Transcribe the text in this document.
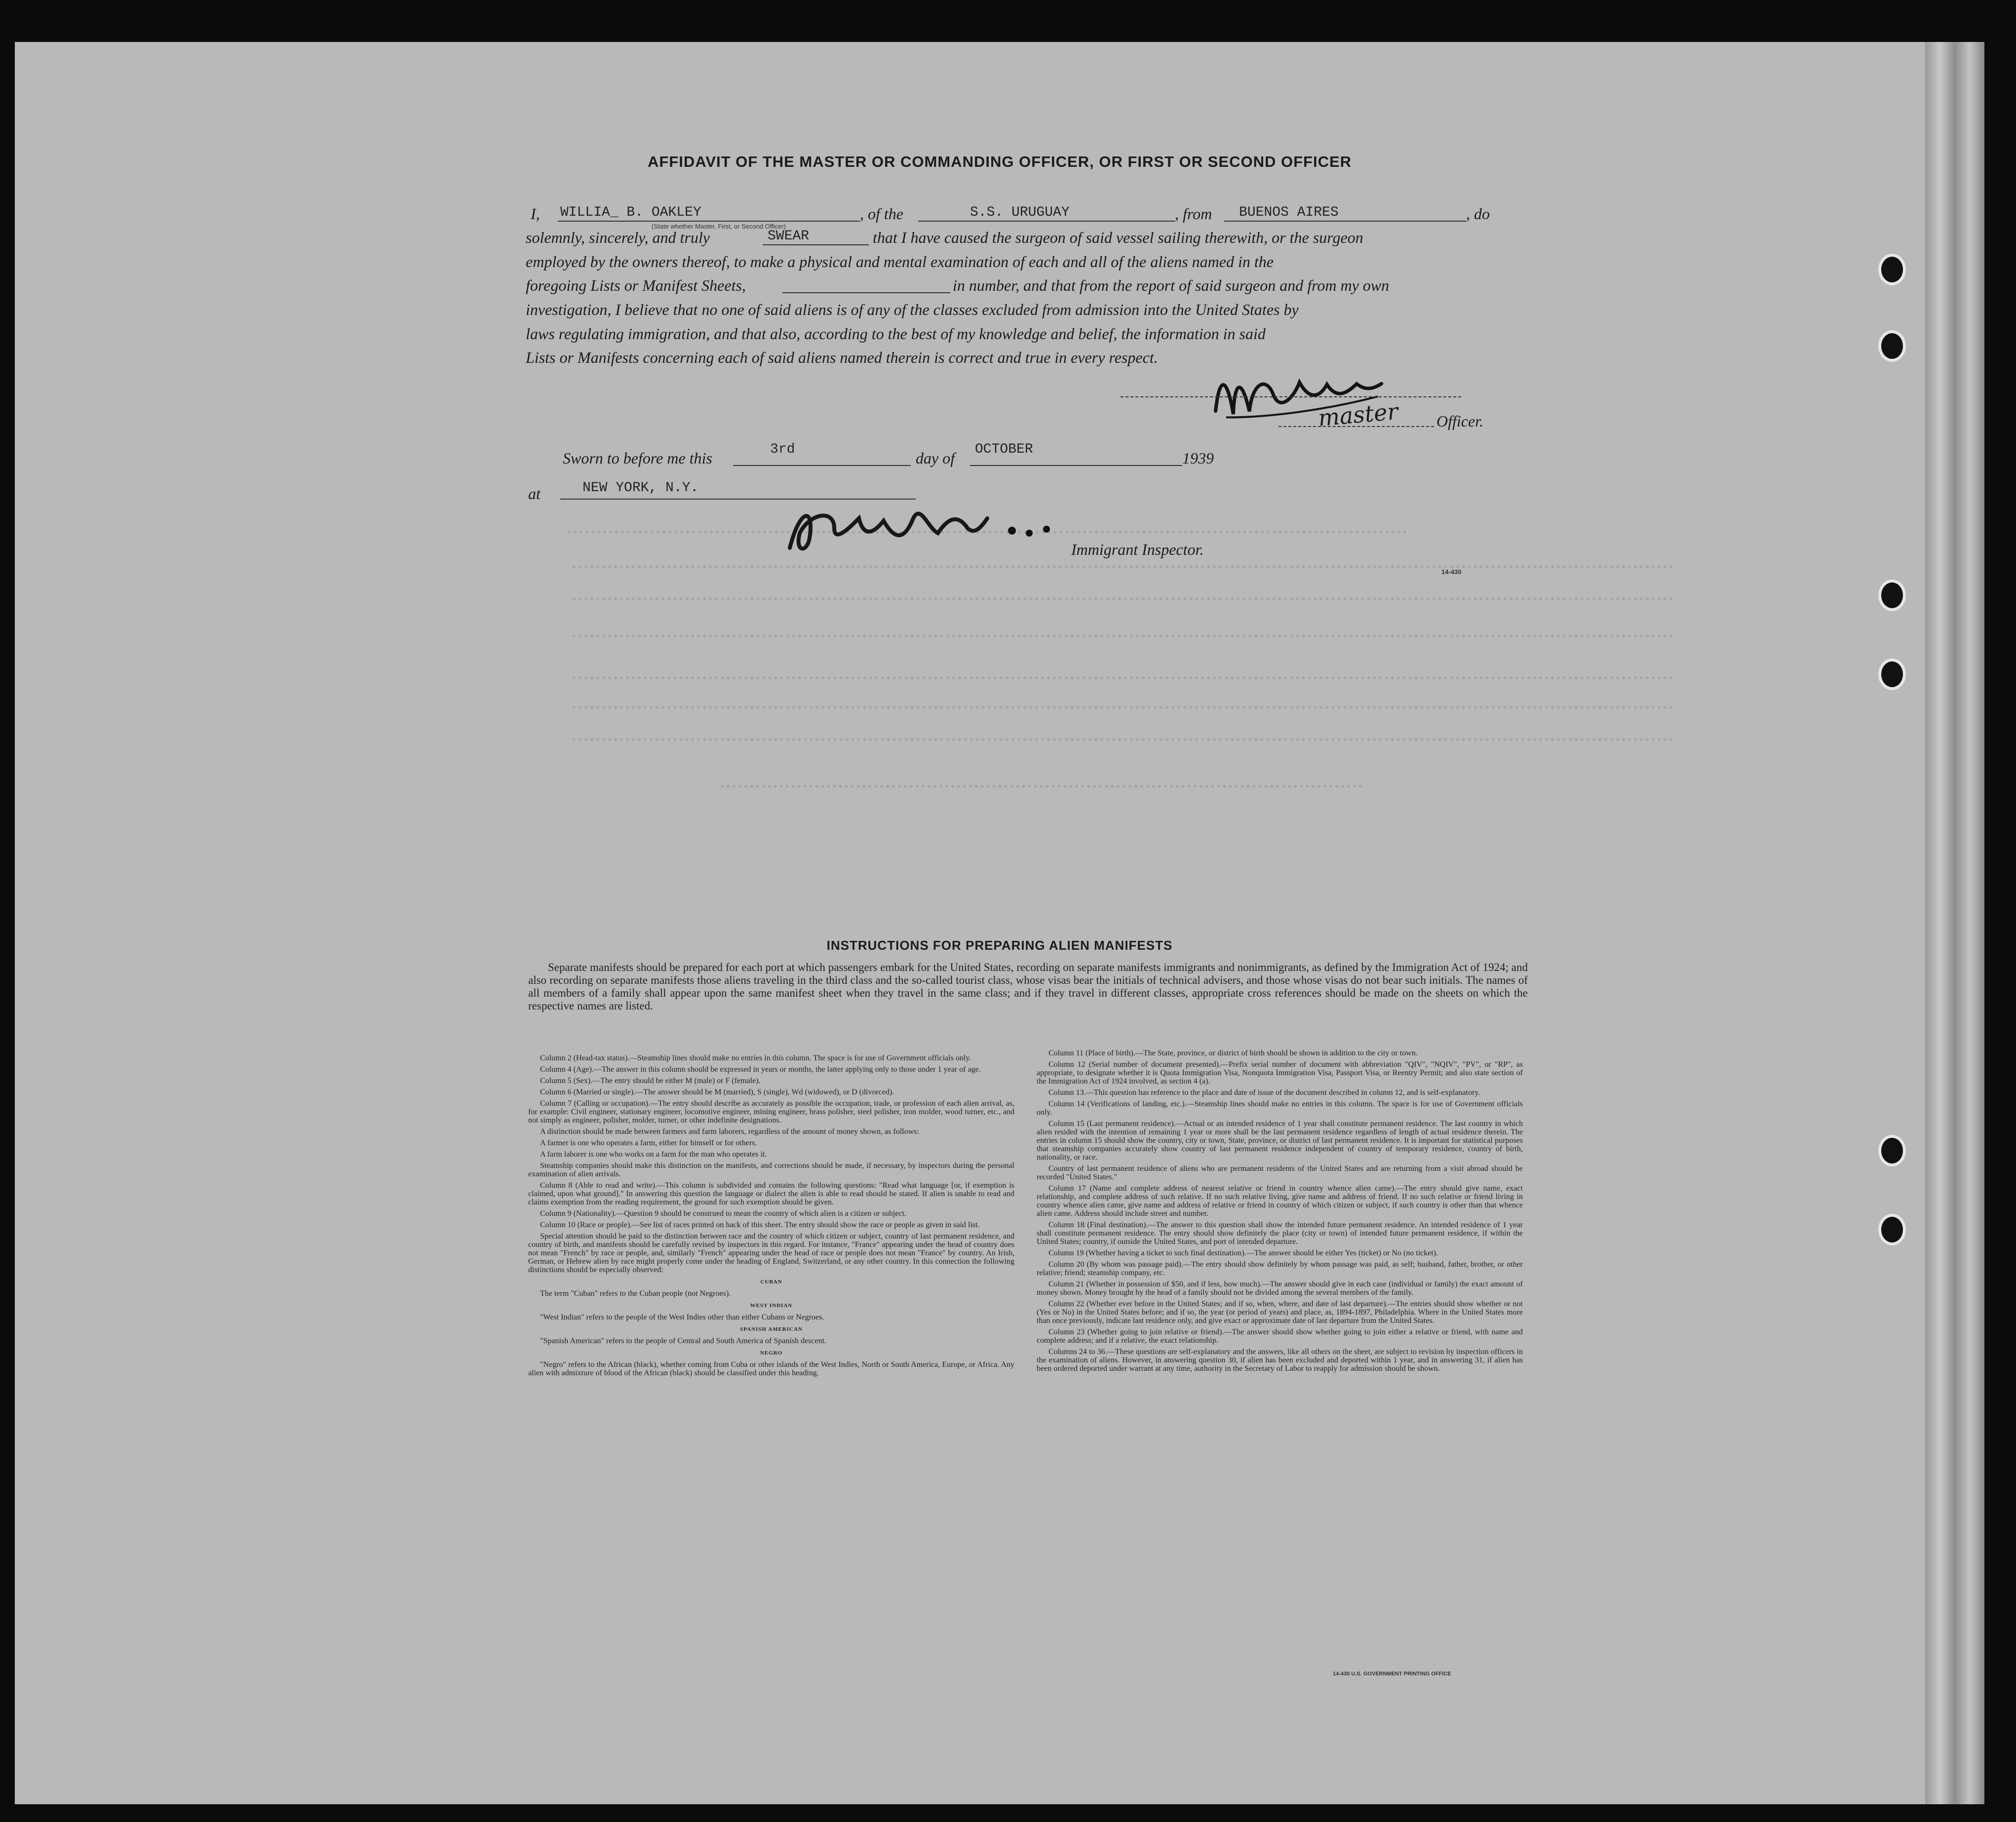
AFFIDAVIT OF THE MASTER OR COMMANDING OFFICER, OR FIRST OR SECOND OFFICER
I, WILLIA_ B. OAKLEY
(State whether Master, First, or Second Officer)
, of the	S.S. URUGUAY	, from BUENOS AIRES	, do
solemnly, sincerely, and truly	SWEAR	that I have caused the surgeon of said vessel sailing therewith, or the surgeon
employed by the owners thereof, to make a physical and mental examination of each and all of the aliens named in the
foregoing Lists or Manifest Sheets,	in number, and that from the report of said surgeon and from my own
investigation, I believe that no one of said aliens is of any of the classes excluded from admission into the United States by
laws regulating immigration, and that also, according to the best of my knowledge and belief, the information in said
Lists or Manifests concerning each of said aliens named therein is correct and true in every respect.
master Officer.
Sworn to before me this	3rd	day of OCTOBER	1939
at	NEW YORK, N.Y.
Immigrant Inspector.
14-430
INSTRUCTIONS FOR PREPARING ALIEN MANIFESTS
Separate manifests should be prepared for each port at which passengers embark for the United States, recording on separate manifests immigrants and nonimmigrants, as defined by the Immigration Act of 1924; and also recording on separate manifests those aliens traveling in the third class and the so-called tourist class, whose visas bear the initials of technical advisers, and those whose visas do not bear such initials. The names of all members of a family shall appear upon the same manifest sheet when they travel in the same class; and if they travel in different classes, appropriate cross references should be made on the sheets on which the respective names are listed.

Column 2 (Head-tax status).—Steamship lines should make no entries in this column. The space is for use of Government officials only.

Column 4 (Age).—The answer in this column should be expressed in years or months, the latter applying only to those under 1 year of age.

Column 5 (Sex).—The entry should be either M (male) or F (female).

Column 6 (Married or single).—The answer should be M (married), S (single), Wd (widowed), or D (divorced).

Column 7 (Calling or occupation).—The entry should describe as accurately as possible the occupation, trade, or profession of each alien arrival, as, for example: Civil engineer, stationary engineer, locomotive engineer, mining engineer, brass polisher, steel polisher, iron molder, wood turner, etc., and not simply as engineer, polisher, molder, turner, or other indefinite designations.

A distinction should be made between farmers and farm laborers, regardless of the amount of money shown, as follows:

A farmer is one who operates a farm, either for himself or for others.

A farm laborer is one who works on a farm for the man who operates it.

Steamship companies should make this distinction on the manifests, and corrections should be made, if necessary, by inspectors during the personal examination of alien arrivals.

Column 8 (Able to read and write).—This column is subdivided and contains the following questions: "Read what language [or, if exemption is claimed, upon what ground]." In answering this question the language or dialect the alien is able to read should be stated. If alien is unable to read and claims exemption from the reading requirement, the ground for such exemption should be given.

Column 9 (Nationality).—Question 9 should be construed to mean the country of which alien is a citizen or subject.

Column 10 (Race or people).—See list of races printed on back of this sheet. The entry should show the race or people as given in said list.

Special attention should be paid to the distinction between race and the country of which citizen or subject, country of last permanent residence, and country of birth, and manifests should be carefully revised by inspectors in this regard. For instance, "France" appearing under the head of country does not mean "French" by race or people, and, similarly "French" appearing under the head of race or people does not mean "France" by country. An Irish, German, or Hebrew alien by race might properly come under the heading of England, Switzerland, or any other country. In this connection the following distinctions should be especially observed:

CUBAN

The term "Cuban" refers to the Cuban people (not Negroes).

WEST INDIAN

"West Indian" refers to the people of the West Indies other than either Cubans or Negroes.

SPANISH AMERICAN

"Spanish American" refers to the people of Central and South America of Spanish descent.

NEGRO

"Negro" refers to the African (black), whether coming from Cuba or other islands of the West Indies, North or South America, Europe, or Africa. Any alien with admixture of blood of the African (black) should be classified under this heading.

Column 11 (Place of birth).—The State, province, or district of birth should be shown in addition to the city or town.

Column 12 (Serial number of document presented).—Prefix serial number of document with abbreviation "QIV", "NQIV", "PV", or "RP", as appropriate, to designate whether it is Quota Immigration Visa, Nonquota Immigration Visa, Passport Visa, or Reentry Permit; and also state section of the Immigration Act of 1924 involved, as section 4 (a).

Column 13.—This question has reference to the place and date of issue of the document described in column 12, and is self-explanatory.

Column 14 (Verifications of landing, etc.).—Steamship lines should make no entries in this column. The space is for use of Government officials only.

Column 15 (Last permanent residence).—Actual or an intended residence of 1 year shall constitute permanent residence. The last country in which alien resided with the intention of remaining 1 year or more shall be the last permanent residence regardless of length of actual residence therein. The entries in column 15 should show the country, city or town, State, province, or district of last permanent residence. It is important for statistical purposes that steamship companies accurately show country of last permanent residence independent of country of temporary residence, country of birth, nationality, or race.

Country of last permanent residence of aliens who are permanent residents of the United States and are returning from a visit abroad should be recorded "United States."

Column 17 (Name and complete address of nearest relative or friend in country whence alien came).—The entry should give name, exact relationship, and complete address of such relative. If no such relative living, give name and address of friend. If no such relative or friend living in country whence alien came, give name and address of relative or friend in country of which citizen or subject, if such country is other than that whence alien came. Address should include street and number.

Column 18 (Final destination).—The answer to this question shall show the intended future permanent residence. An intended residence of 1 year shall constitute permanent residence. The entry should show definitely the place (city or town) of intended future permanent residence, if within the United States; country, if outside the United States, and port of intended departure.

Column 19 (Whether having a ticket to such final destination).—The answer should be either Yes (ticket) or No (no ticket).

Column 20 (By whom was passage paid).—The entry should show definitely by whom passage was paid, as self; husband, father, brother, or other relative; friend; steamship company, etc.

Column 21 (Whether in possession of $50, and if less, how much).—The answer should give in each case (individual or family) the exact amount of money shown. Money brought by the head of a family should not be divided among the several members of the family.

Column 22 (Whether ever before in the United States; and if so, when, where, and date of last departure).—The entries should show whether or not (Yes or No) in the United States before; and if so, the year (or period of years) and place, as, 1894-1897, Philadelphia. Where in the United States more than once previously, indicate last residence only, and give exact or approximate date of last departure from the United States.

Column 23 (Whether going to join relative or friend).—The answer should show whether going to join either a relative or friend, with name and complete address; and if a relative, the exact relationship.

Columns 24 to 36.—These questions are self-explanatory and the answers, like all others on the sheet, are subject to revision by inspection officers in the examination of aliens. However, in answering question 30, if alien has been excluded and deported within 1 year, and in answering 31, if alien has been ordered deported under warrant at any time, authority in the Secretary of Labor to reapply for admission should be shown.

14-430 U.S. GOVERNMENT PRINTING OFFICE
